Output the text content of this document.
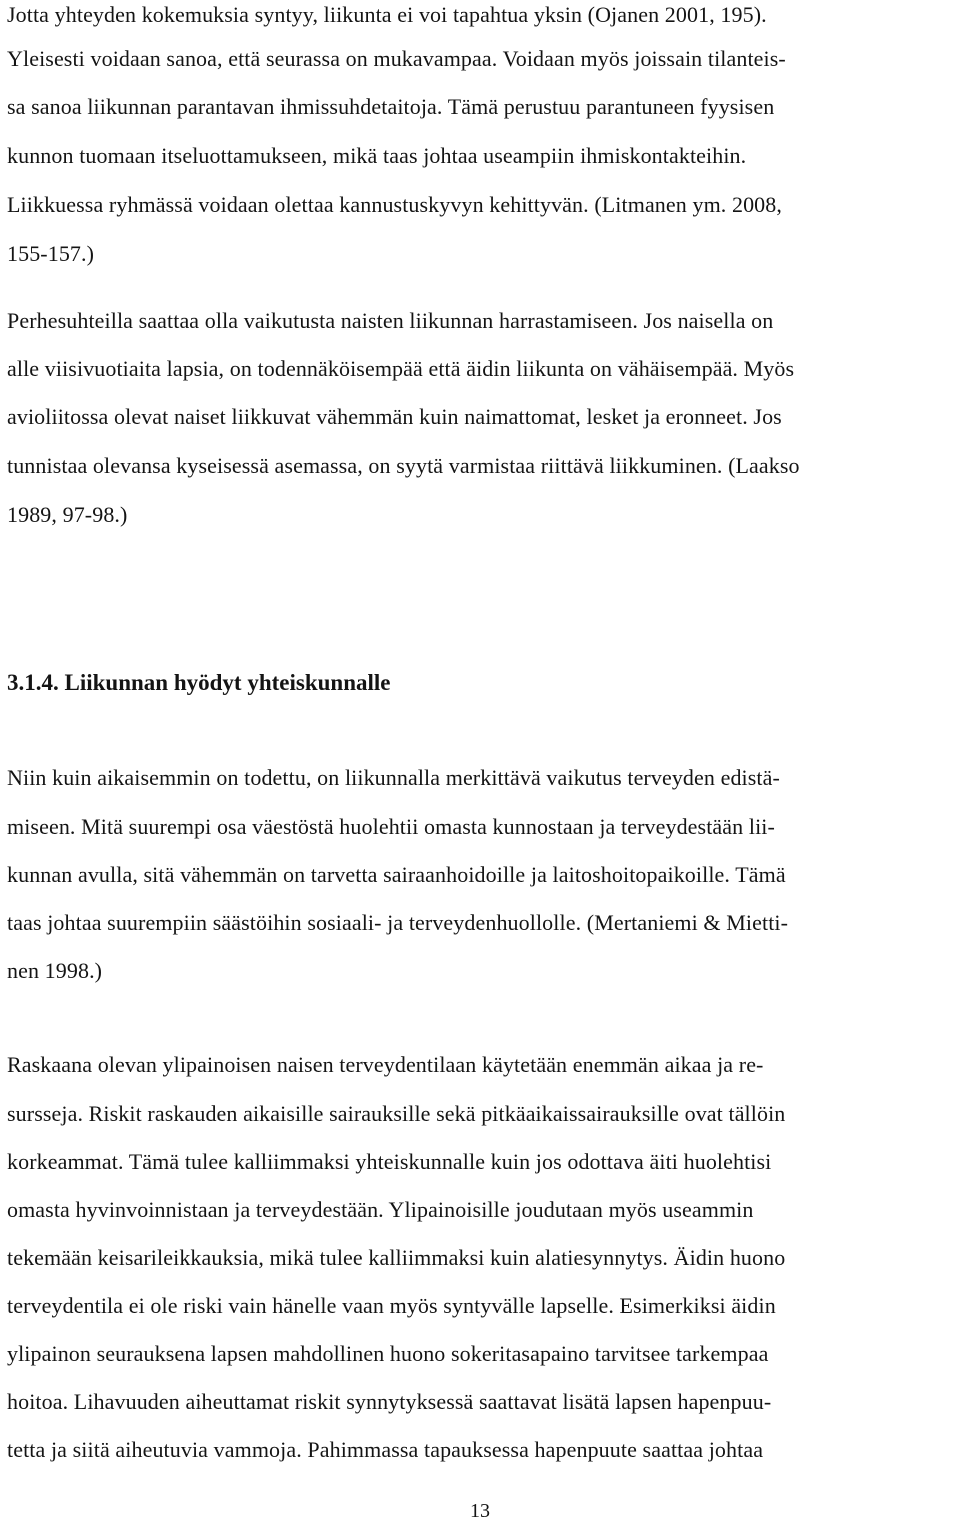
Jotta yhteyden kokemuksia syntyy, liikunta ei voi tapahtua yksin (Ojanen 2001, 195).
Yleisesti voidaan sanoa, että seurassa on mukavampaa. Voidaan myös joissain tilanteis-
sa sanoa liikunnan parantavan ihmissuhdetaitoja. Tämä perustuu parantuneen fyysisen
kunnon tuomaan itseluottamukseen, mikä taas johtaa useampiin ihmiskontakteihin.
Liikkuessa ryhmässä voidaan olettaa kannustuskyvyn kehittyvän. (Litmanen ym. 2008,
155-157.)
Perhesuhteilla saattaa olla vaikutusta naisten liikunnan harrastamiseen. Jos naisella on
alle viisivuotiaita lapsia, on todennäköisempää että äidin liikunta on vähäisempää. Myös
avioliitossa olevat naiset liikkuvat vähemmän kuin naimattomat, lesket ja eronneet. Jos
tunnistaa olevansa kyseisessä asemassa, on syytä varmistaa riittävä liikkuminen. (Laakso
1989, 97-98.)
3.1.4. Liikunnan hyödyt yhteiskunnalle
Niin kuin aikaisemmin on todettu, on liikunnalla merkittävä vaikutus terveyden edistä-
miseen. Mitä suurempi osa väestöstä huolehtii omasta kunnostaan ja terveydestään lii-
kunnan avulla, sitä vähemmän on tarvetta sairaanhoidoille ja laitoshoitopaikoille. Tämä
taas johtaa suurempiin säästöihin sosiaali- ja terveydenhuollolle. (Mertaniemi & Mietti-
nen 1998.)
Raskaana olevan ylipainoisen naisen terveydentilaan käytetään enemmän aikaa ja re-
sursseja. Riskit raskauden aikaisille sairauksille sekä pitkäaikaissairauksille ovat tällöin
korkeammat. Tämä tulee kalliimmaksi yhteiskunnalle kuin jos odottava äiti huolehtisi
omasta hyvinvoinnistaan ja terveydestään. Ylipainoisille joudutaan myös useammin
tekemään keisarileikkauksia, mikä tulee kalliimmaksi kuin alatiesynnytys. Äidin huono
terveydentila ei ole riski vain hänelle vaan myös syntyvälle lapselle. Esimerkiksi äidin
ylipainon seurauksena lapsen mahdollinen huono sokeritasapaino tarvitsee tarkempaa
hoitoa. Lihavuuden aiheuttamat riskit synnytyksessä saattavat lisätä lapsen hapenpuu-
tetta ja siitä aiheutuvia vammoja. Pahimmassa tapauksessa hapenpuute saattaa johtaa
13
